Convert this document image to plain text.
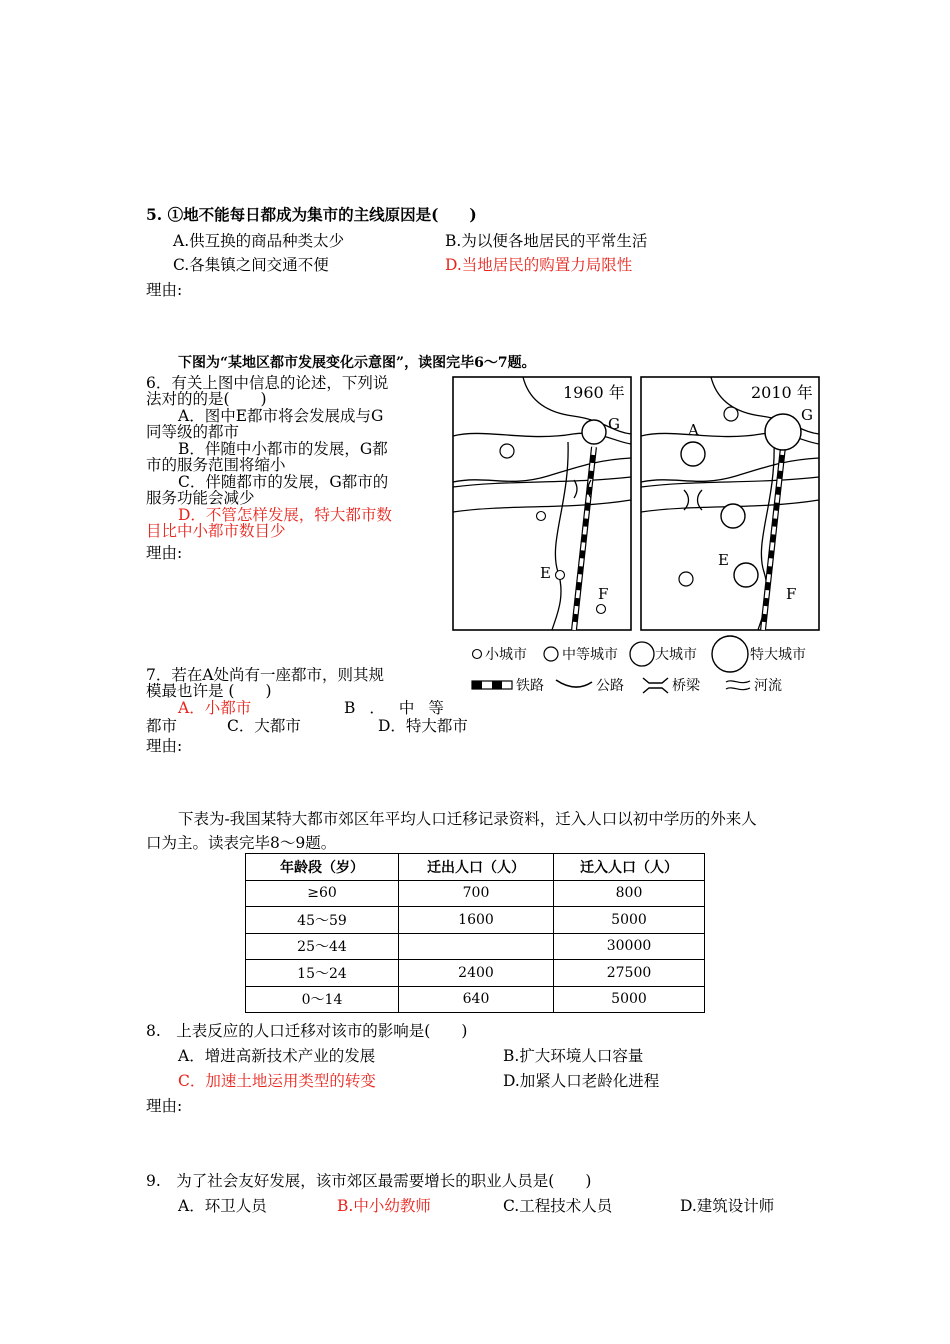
5. ①地不能每日都成为集市的主线原因是(　　)
A.供互换的商品种类太少	B.为以便各地居民的平常生活
C.各集镇之间交通不便	D.当地居民的购置力局限性
理由:
下图为“某地区都市发展变化示意图”，读图完毕6～7题。
6．有关上图中信息的论述，下列说
法对的的是(　　)
A．图中E都市将会发展成与G
同等级的都市
B．伴随中小都市的发展，G都
市的服务范围将缩小
C．伴随都市的发展，G都市的
服务功能会减少
D．不管怎样发展，特大都市数
目比中小都市数目少
理由:
1960 年
G
E
F
2010 年
G
A
E
F
小城市	中等城市	大城市	特大城市
铁路	公路	桥梁	河流
7．若在A处尚有一座都市，则其规
模最也许是 (　　)
A．小都市	B．中等
都市	C．大都市	D．特大都市
理由:
下表为-我国某特大都市郊区年平均人口迁移记录资料，迁入人口以初中学历的外来人
口为主。读表完毕8～9题。
年龄段（岁）	迁出人口（人）	迁入人口（人）
≥60	700	800
45～59	1600	5000
25～44		30000
15～24	2400	27500
0～14	640	5000
8.　上表反应的人口迁移对该市的影响是(　　)
A．增进高新技术产业的发展	B.扩大环境人口容量
C．加速土地运用类型的转变	D.加紧人口老龄化进程
理由:
9.　为了社会友好发展，该市郊区最需要增长的职业人员是(　　)
A．环卫人员	B.中小幼教师	C.工程技术人员	D.建筑设计师
